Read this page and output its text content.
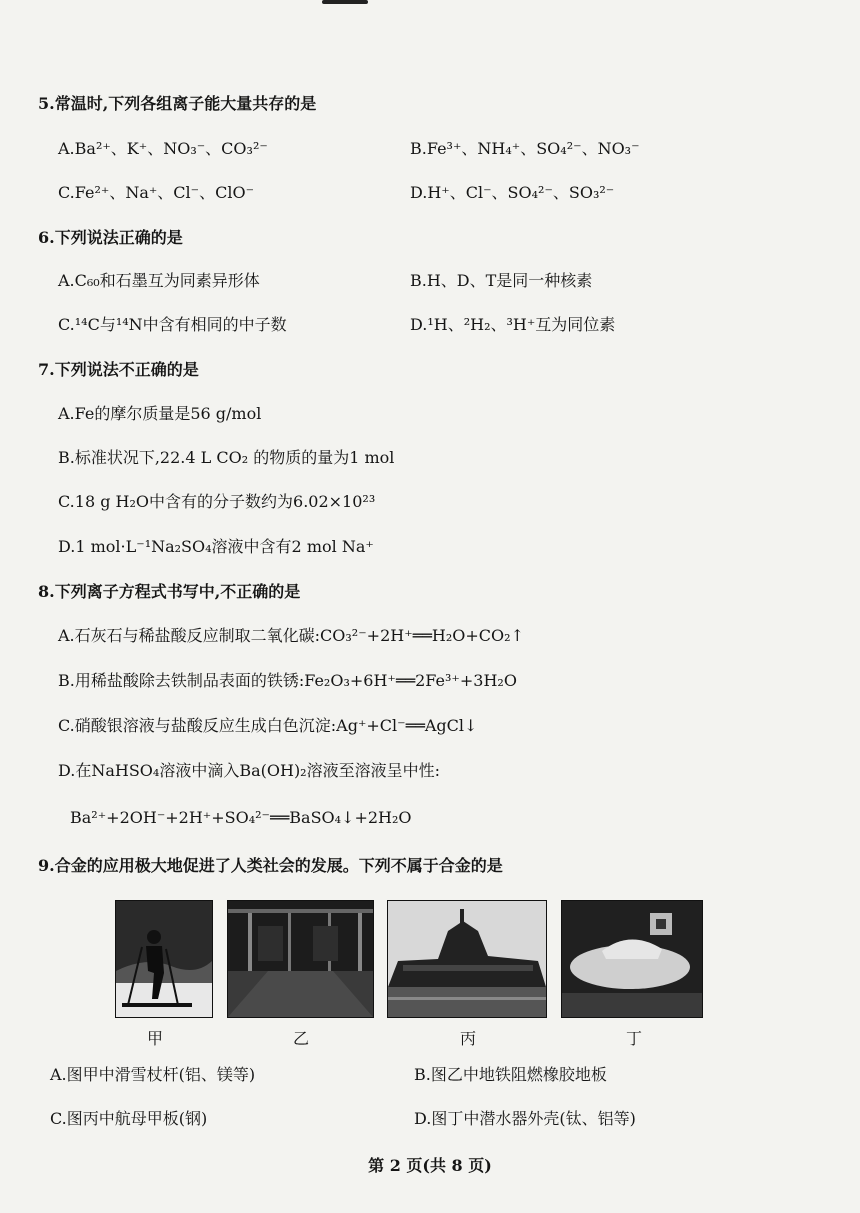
5.常温时,下列各组离子能大量共存的是
A.Ba²⁺、K⁺、NO₃⁻、CO₃²⁻	B.Fe³⁺、NH₄⁺、SO₄²⁻、NO₃⁻
C.Fe²⁺、Na⁺、Cl⁻、ClO⁻	D.H⁺、Cl⁻、SO₄²⁻、SO₃²⁻
6.下列说法正确的是
A.C₆₀和石墨互为同素异形体	B.H、D、T是同一种核素
C.¹⁴C与¹⁴N中含有相同的中子数	D.¹H、²H₂、³H⁺互为同位素
7.下列说法不正确的是
A.Fe的摩尔质量是56 g/mol
B.标准状况下,22.4 L CO₂ 的物质的量为1 mol
C.18 g H₂O中含有的分子数约为6.02×10²³
D.1 mol·L⁻¹Na₂SO₄溶液中含有2 mol Na⁺
8.下列离子方程式书写中,不正确的是
A.石灰石与稀盐酸反应制取二氧化碳:CO₃²⁻+2H⁺══H₂O+CO₂↑
B.用稀盐酸除去铁制品表面的铁锈:Fe₂O₃+6H⁺══2Fe³⁺+3H₂O
C.硝酸银溶液与盐酸反应生成白色沉淀:Ag⁺+Cl⁻══AgCl↓
D.在NaHSO₄溶液中滴入Ba(OH)₂溶液至溶液呈中性:
Ba²⁺+2OH⁻+2H⁺+SO₄²⁻══BaSO₄↓+2H₂O
9.合金的应用极大地促进了人类社会的发展。下列不属于合金的是
甲	乙	丙	丁
A.图甲中滑雪杖杆(铝、镁等)	B.图乙中地铁阻燃橡胶地板
C.图丙中航母甲板(钢)	D.图丁中潜水器外壳(钛、铝等)
第 2 页(共 8 页)
